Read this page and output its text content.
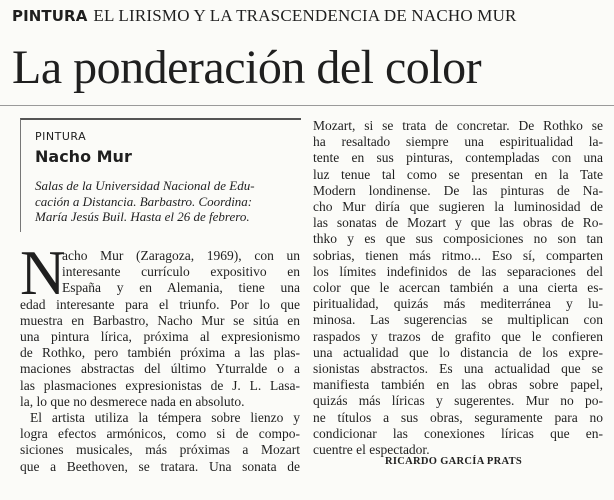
PINTURA EL LIRISMO Y LA TRASCENDENCIA DE NACHO MUR
La ponderación del color
PINTURA
Nacho Mur
Salas de la Universidad Nacional de Edu-
cación a Distancia. Barbastro. Coordina:
María Jesús Buil. Hasta el 26 de febrero.
N
acho Mur (Zaragoza, 1969), con un
interesante currículo expositivo en
España y en Alemania, tiene una
edad interesante para el triunfo. Por lo que
muestra en Barbastro, Nacho Mur se sitúa en
una pintura lírica, próxima al expresionismo
de Rothko, pero también próxima a las plas-
maciones abstractas del último Yturralde o a
las plasmaciones expresionistas de J. L. Lasa-
la, lo que no desmerece nada en absoluto.
El artista utiliza la témpera sobre lienzo y
logra efectos armónicos, como si de compo-
siciones musicales, más próximas a Mozart
que a Beethoven, se tratara. Una sonata de
Mozart, si se trata de concretar. De Rothko se
ha resaltado siempre una espiritualidad la-
tente en sus pinturas, contempladas con una
luz tenue tal como se presentan en la Tate
Modern londinense. De las pinturas de Na-
cho Mur diría que sugieren la luminosidad de
las sonatas de Mozart y que las obras de Ro-
thko y es que sus composiciones no son tan
sobrias, tienen más ritmo... Eso sí, comparten
los límites indefinidos de las separaciones del
color que le acercan también a una cierta es-
piritualidad, quizás más mediterránea y lu-
minosa. Las sugerencias se multiplican con
raspados y trazos de grafito que le confieren
una actualidad que lo distancia de los expre-
sionistas abstractos. Es una actualidad que se
manifiesta también en las obras sobre papel,
quizás más líricas y sugerentes. Mur no po-
ne títulos a sus obras, seguramente para no
condicionar las conexiones líricas que en-
cuentre el espectador.
RICARDO GARCÍA PRATS
